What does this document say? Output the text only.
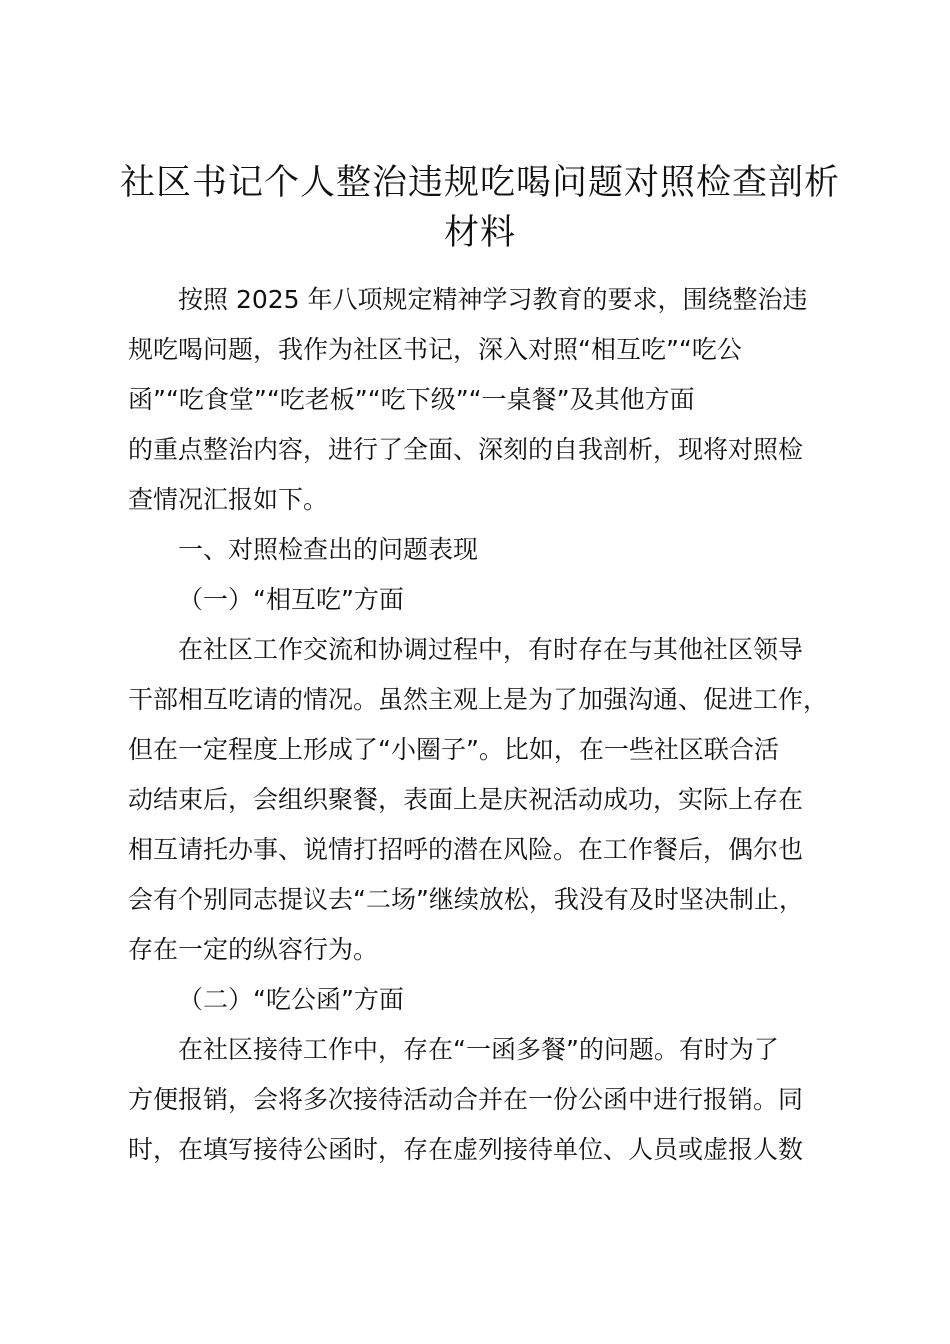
社区书记个人整治违规吃喝问题对照检查剖析
材料

按照 2025 年八项规定精神学习教育的要求，围绕整治违

规吃喝问题，我作为社区书记，深入对照“相互吃”“吃公

函”“吃食堂”“吃老板”“吃下级”“一桌餐”及其他方面

的重点整治内容，进行了全面、深刻的自我剖析，现将对照检

查情况汇报如下。

一、对照检查出的问题表现

（一）“相互吃”方面

在社区工作交流和协调过程中，有时存在与其他社区领导

干部相互吃请的情况。虽然主观上是为了加强沟通、促进工作，

但在一定程度上形成了“小圈子”。比如，在一些社区联合活

动结束后，会组织聚餐，表面上是庆祝活动成功，实际上存在

相互请托办事、说情打招呼的潜在风险。在工作餐后，偶尔也

会有个别同志提议去“二场”继续放松，我没有及时坚决制止，

存在一定的纵容行为。

（二）“吃公函”方面

在社区接待工作中，存在“一函多餐”的问题。有时为了

方便报销，会将多次接待活动合并在一份公函中进行报销。同

时，在填写接待公函时，存在虚列接待单位、人员或虚报人数
